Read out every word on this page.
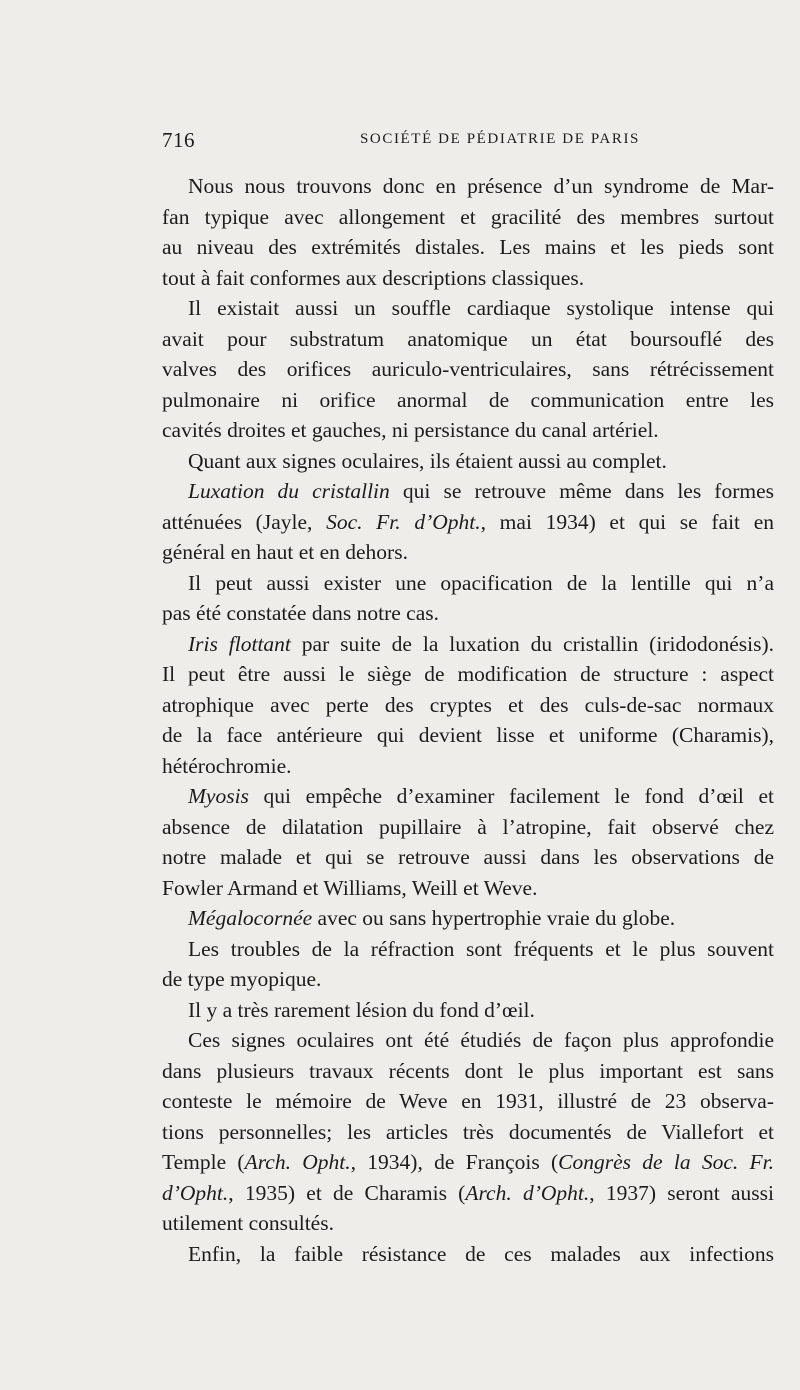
716	SOCIÉTÉ DE PÉDIATRIE DE PARIS
Nous nous trouvons donc en présence d’un syndrome de Mar-
fan typique avec allongement et gracilité des membres surtout
au niveau des extrémités distales. Les mains et les pieds sont
tout à fait conformes aux descriptions classiques.
Il existait aussi un souffle cardiaque systolique intense qui
avait pour substratum anatomique un état boursouflé des
valves des orifices auriculo-ventriculaires, sans rétrécissement
pulmonaire ni orifice anormal de communication entre les
cavités droites et gauches, ni persistance du canal artériel.
Quant aux signes oculaires, ils étaient aussi au complet.
Luxation du cristallin qui se retrouve même dans les formes
atténuées (Jayle, Soc. Fr. d’Opht., mai 1934) et qui se fait en
général en haut et en dehors.
Il peut aussi exister une opacification de la lentille qui n’a
pas été constatée dans notre cas.
Iris flottant par suite de la luxation du cristallin (iridodonésis).
Il peut être aussi le siège de modification de structure : aspect
atrophique avec perte des cryptes et des culs-de-sac normaux
de la face antérieure qui devient lisse et uniforme (Charamis),
hétérochromie.
Myosis qui empêche d’examiner facilement le fond d’œil et
absence de dilatation pupillaire à l’atropine, fait observé chez
notre malade et qui se retrouve aussi dans les observations de
Fowler Armand et Williams, Weill et Weve.
Mégalocornée avec ou sans hypertrophie vraie du globe.
Les troubles de la réfraction sont fréquents et le plus souvent
de type myopique.
Il y a très rarement lésion du fond d’œil.
Ces signes oculaires ont été étudiés de façon plus approfondie
dans plusieurs travaux récents dont le plus important est sans
conteste le mémoire de Weve en 1931, illustré de 23 observa-
tions personnelles; les articles très documentés de Viallefort et
Temple (Arch. Opht., 1934), de François (Congrès de la Soc. Fr.
d’Opht., 1935) et de Charamis (Arch. d’Opht., 1937) seront aussi
utilement consultés.
Enfin, la faible résistance de ces malades aux infections
